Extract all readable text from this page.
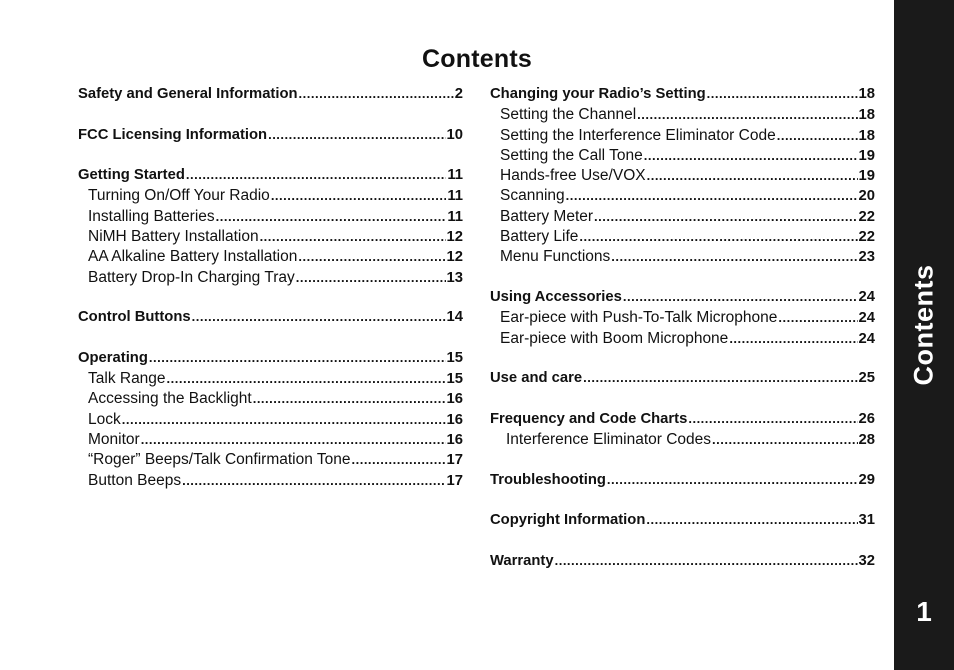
Contents
Safety and General Information .....	2
FCC Licensing Information .....	10
Getting Started .....	11
Turning On/Off Your Radio .....	11
Installing Batteries .....	11
NiMH Battery Installation .....	12
AA Alkaline Battery Installation .....	12
Battery Drop-In Charging Tray .....	13
Control Buttons .....	14
Operating .....	15
Talk Range .....	15
Accessing the Backlight .....	16
Lock .....	16
Monitor .....	16
“Roger” Beeps/Talk Confirmation Tone .....	17
Button Beeps .....	17
Changing your Radio’s Setting .....	18
Setting the Channel .....	18
Setting the Interference Eliminator Code .....	18
Setting the Call Tone .....	19
Hands-free Use/VOX .....	19
Scanning .....	20
Battery Meter .....	22
Battery Life .....	22
Menu Functions .....	23
Using Accessories .....	24
Ear-piece with Push-To-Talk Microphone .....	24
Ear-piece with Boom Microphone .....	24
Use and care .....	25
Frequency and Code Charts .....	26
Interference Eliminator Codes .....	28
Troubleshooting .....	29
Copyright Information .....	31
Warranty .....	32
Contents
1
